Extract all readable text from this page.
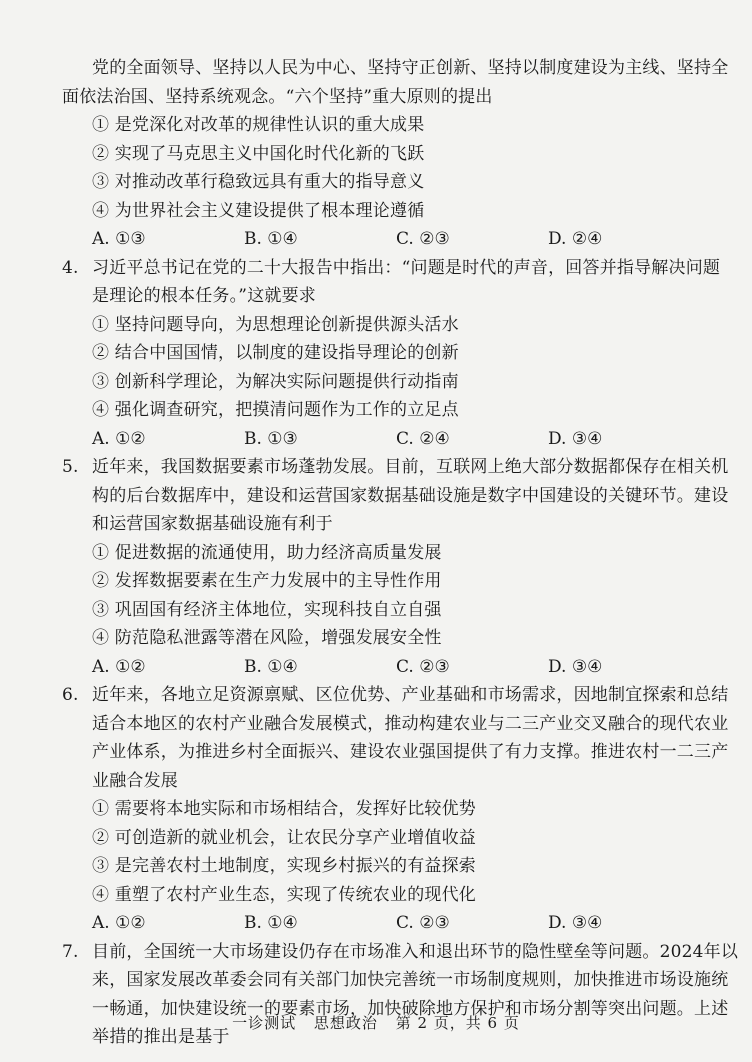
党的全面领导、坚持以人民为中心、坚持守正创新、坚持以制度建设为主线、坚持全
面依法治国、坚持系统观念。“六个坚持”重大原则的提出
① 是党深化对改革的规律性认识的重大成果
② 实现了马克思主义中国化时代化新的飞跃
③ 对推动改革行稳致远具有重大的指导意义
④ 为世界社会主义建设提供了根本理论遵循
A. ①③	B. ①④	C. ②③	D. ②④
4. 习近平总书记在党的二十大报告中指出：“问题是时代的声音，回答并指导解决问题
是理论的根本任务。”这就要求
① 坚持问题导向，为思想理论创新提供源头活水
② 结合中国国情，以制度的建设指导理论的创新
③ 创新科学理论，为解决实际问题提供行动指南
④ 强化调查研究，把摸清问题作为工作的立足点
A. ①②	B. ①③	C. ②④	D. ③④
5. 近年来，我国数据要素市场蓬勃发展。目前，互联网上绝大部分数据都保存在相关机
构的后台数据库中，建设和运营国家数据基础设施是数字中国建设的关键环节。建设
和运营国家数据基础设施有利于
① 促进数据的流通使用，助力经济高质量发展
② 发挥数据要素在生产力发展中的主导性作用
③ 巩固国有经济主体地位，实现科技自立自强
④ 防范隐私泄露等潜在风险，增强发展安全性
A. ①②	B. ①④	C. ②③	D. ③④
6. 近年来，各地立足资源禀赋、区位优势、产业基础和市场需求，因地制宜探索和总结
适合本地区的农村产业融合发展模式，推动构建农业与二三产业交叉融合的现代农业
产业体系，为推进乡村全面振兴、建设农业强国提供了有力支撑。推进农村一二三产
业融合发展
① 需要将本地实际和市场相结合，发挥好比较优势
② 可创造新的就业机会，让农民分享产业增值收益
③ 是完善农村土地制度，实现乡村振兴的有益探索
④ 重塑了农村产业生态，实现了传统农业的现代化
A. ①②	B. ①④	C. ②③	D. ③④
7. 目前，全国统一大市场建设仍存在市场准入和退出环节的隐性壁垒等问题。2024年以
来，国家发展改革委会同有关部门加快完善统一市场制度规则，加快推进市场设施统
一畅通，加快建设统一的要素市场，加快破除地方保护和市场分割等突出问题。上述
举措的推出是基于
一诊测试 思想政治 第 2 页，共 6 页
